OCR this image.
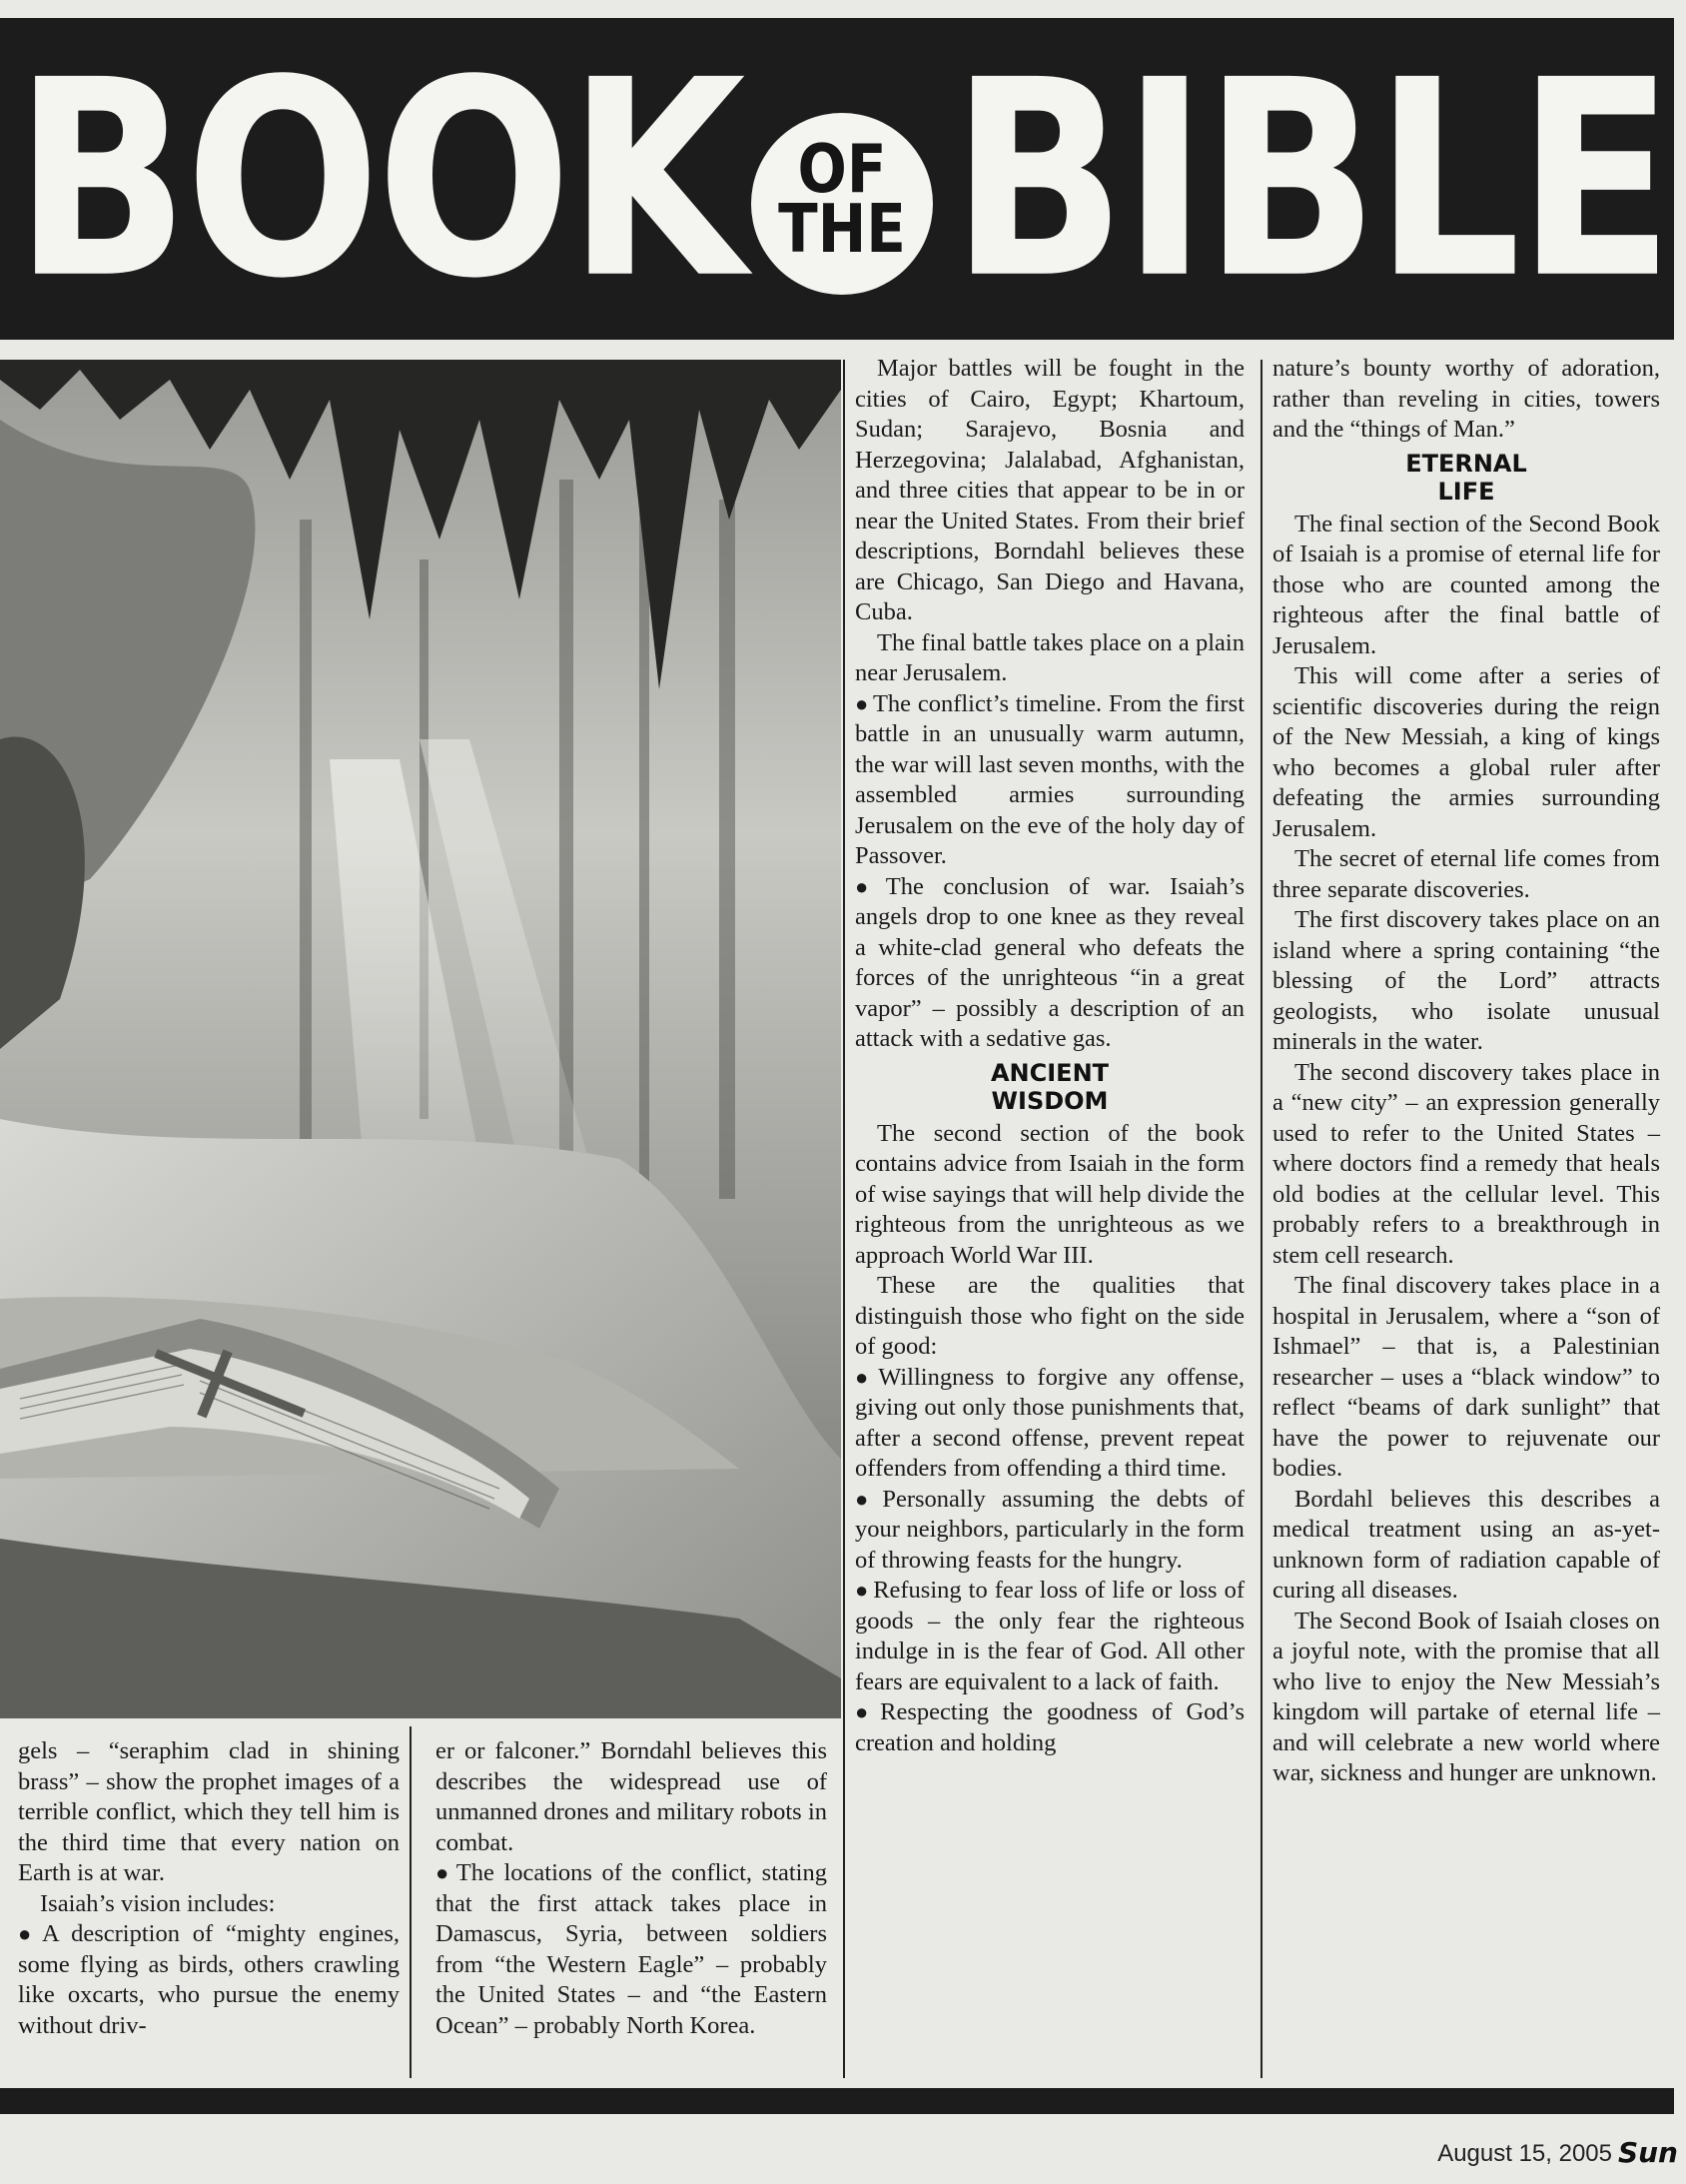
BOOK OF
THE BIBLE

gels – “seraphim clad in shining brass” – show the prophet images of a terrible conflict, which they tell him is the third time that every nation on Earth is at war.

Isaiah’s vision includes:

● A description of “mighty engines, some flying as birds, others crawling like oxcarts, who pursue the enemy without driv-

er or falconer.” Borndahl believes this describes the widespread use of unmanned drones and military robots in combat.

● The locations of the conflict, stating that the first attack takes place in Damascus, Syria, between soldiers from “the Western Eagle” – probably the United States – and “the Eastern Ocean” – probably North Korea.

Major battles will be fought in the cities of Cairo, Egypt; Khartoum, Sudan; Sarajevo, Bosnia and Herzegovina; Jalalabad, Afghanistan, and three cities that appear to be in or near the United States. From their brief descriptions, Borndahl believes these are Chicago, San Diego and Havana, Cuba.

The final battle takes place on a plain near Jerusalem.

● The conflict’s timeline. From the first battle in an unusually warm autumn, the war will last seven months, with the assembled armies surrounding Jerusalem on the eve of the holy day of Passover.

● The conclusion of war. Isaiah’s angels drop to one knee as they reveal a white-clad general who defeats the forces of the unrighteous “in a great vapor” – possibly a description of an attack with a sedative gas.

ANCIENT
WISDOM

The second section of the book contains advice from Isaiah in the form of wise sayings that will help divide the righteous from the unrighteous as we approach World War III.

These are the qualities that distinguish those who fight on the side of good:

● Willingness to forgive any offense, giving out only those punishments that, after a second offense, prevent repeat offenders from offending a third time.

● Personally assuming the debts of your neighbors, particularly in the form of throwing feasts for the hungry.

● Refusing to fear loss of life or loss of goods – the only fear the righteous indulge in is the fear of God. All other fears are equivalent to a lack of faith.

● Respecting the goodness of God’s creation and holding

nature’s bounty worthy of adoration, rather than reveling in cities, towers and the “things of Man.”

ETERNAL
LIFE

The final section of the Second Book of Isaiah is a promise of eternal life for those who are counted among the righteous after the final battle of Jerusalem.

This will come after a series of scientific discoveries during the reign of the New Messiah, a king of kings who becomes a global ruler after defeating the armies surrounding Jerusalem.

The secret of eternal life comes from three separate discoveries.

The first discovery takes place on an island where a spring containing “the blessing of the Lord” attracts geologists, who isolate unusual minerals in the water.

The second discovery takes place in a “new city” – an expression generally used to refer to the United States – where doctors find a remedy that heals old bodies at the cellular level. This probably refers to a breakthrough in stem cell research.

The final discovery takes place in a hospital in Jerusalem, where a “son of Ishmael” – that is, a Palestinian researcher – uses a “black window” to reflect “beams of dark sunlight” that have the power to rejuvenate our bodies.

Bordahl believes this describes a medical treatment using an as-yet-unknown form of radiation capable of curing all diseases.

The Second Book of Isaiah closes on a joyful note, with the promise that all who live to enjoy the New Messiah’s kingdom will partake of eternal life – and will celebrate a new world where war, sickness and hunger are unknown.

August 15, 2005 Sun
